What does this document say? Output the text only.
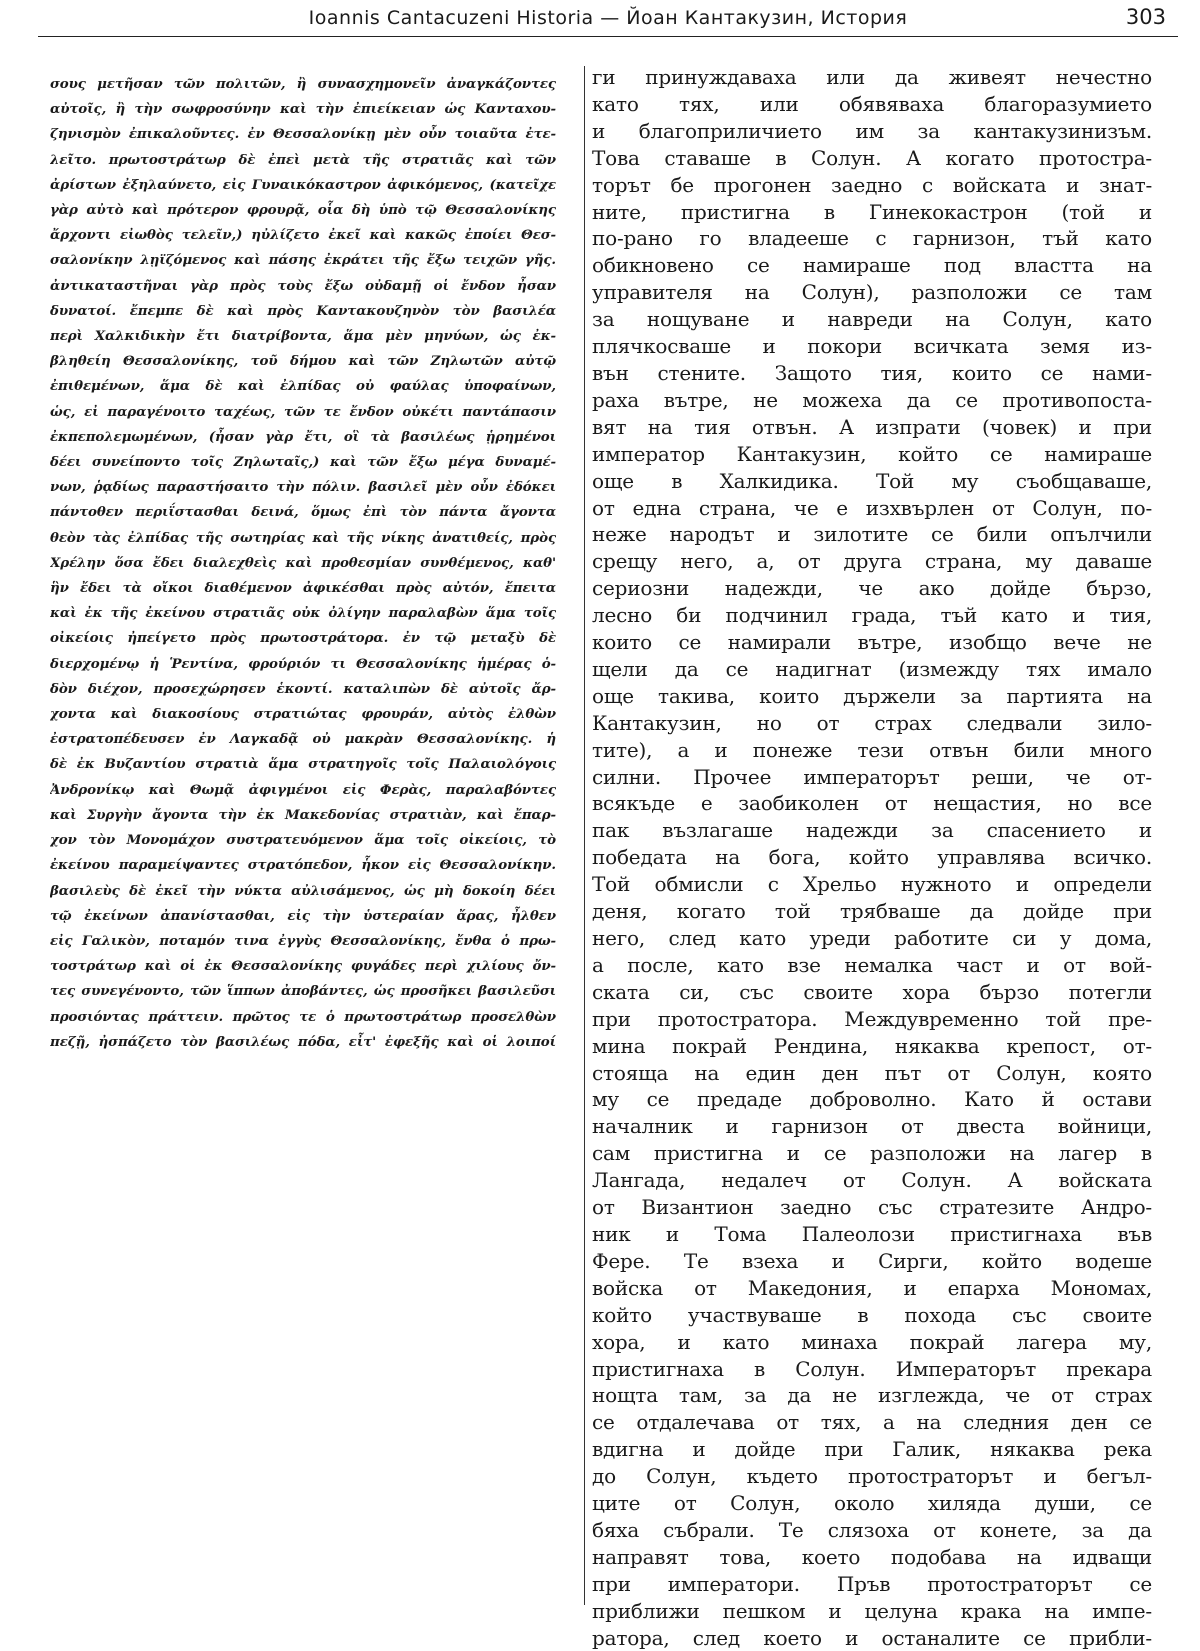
Ioannis Cantacuzeni Historia — Йоан Кантакузин, История	303
σους μετῆσαν τῶν πολιτῶν, ἢ συνασχημονεῖν ἀναγκάζοντες
αὐτοῖς, ἢ τὴν σωφροσύνην καὶ τὴν ἐπιείκειαν ὡς Κανταxου-
ζηνισμὸν ἐπικαλοῦντες. ἐν Θεσσαλονίκῃ μὲν οὖν τοιαῦτα ἐτε-
λεῖτο. πρωτοστράτωρ δὲ ἐπεὶ μετὰ τῆς στρατιᾶς καὶ τῶν
ἀρίστων ἐξηλαύνετο, εἰς Γυναικόκαστρον ἀφικόμενος, (κατεῖχε
γὰρ αὐτὸ καὶ πρότερον φρουρᾷ, οἷα δὴ ὑπὸ τῷ Θεσσαλονίκης
ἄρχοντι εἰωθὸς τελεῖν,) ηὐλίζετο ἐκεῖ καὶ κακῶς ἐποίει Θεσ-
σαλονίκην λῃϊζόμενος καὶ πάσης ἐκράτει τῆς ἔξω τειχῶν γῆς.
ἀντικαταστῆναι γὰρ πρὸς τοὺς ἔξω οὐδαμῇ οἱ ἔνδον ἦσαν
δυνατοί. ἔπεμπε δὲ καὶ πρὸς Καντακουζηνὸν τὸν βασιλέα
περὶ Χαλκιδικὴν ἔτι διατρίβοντα, ἅμα μὲν μηνύων, ὡς ἐκ-
βληθείη Θεσσαλονίκης, τοῦ δήμου καὶ τῶν Ζηλωτῶν αὐτῷ
ἐπιθεμένων, ἅμα δὲ καὶ ἐλπίδας οὐ φαύλας ὑποφαίνων,
ὡς, εἰ παραγένοιτο ταχέως, τῶν τε ἔνδον οὐκέτι παντάπασιν
ἐκπεπολεμωμένων, (ἦσαν γὰρ ἔτι, οἳ τὰ βασιλέως ᾑρημένοι
δέει συνείποντο τοῖς Ζηλωταῖς,) καὶ τῶν ἔξω μέγα δυναμέ-
νων, ῥᾳδίως παραστήσαιτο τὴν πόλιν. βασιλεῖ μὲν οὖν ἐδόκει
πάντοθεν περιΐστασθαι δεινά, ὅμως ἐπὶ τὸν πάντα ἄγοντα
θεὸν τὰς ἐλπίδας τῆς σωτηρίας καὶ τῆς νίκης ἀνατιθείς, πρὸς
Χρέλην ὅσα ἔδει διαλεχθεὶς καὶ προθεσμίαν συνθέμενος, καθ'
ἣν ἔδει τὰ οἴκοι διαθέμενον ἀφικέσθαι πρὸς αὐτόν, ἔπειτα
καὶ ἐκ τῆς ἐκείνου στρατιᾶς οὐκ ὀλίγην παραλαβὼν ἅμα τοῖς
οἰκείοις ἠπείγετο πρὸς πρωτοστράτορα. ἐν τῷ μεταξὺ δὲ
διερχομένῳ ἡ Ῥεντίνα, φρούριόν τι Θεσσαλονίκης ἡμέρας ὁ-
δὸν διέχον, προσεχώρησεν ἑκοντί. καταλιπὼν δὲ αὐτοῖς ἄρ-
χοντα καὶ διακοσίους στρατιώτας φρουράν, αὐτὸς ἐλθὼν
ἐστρατοπέδευσεν ἐν Λαγκαδᾷ οὐ μακρὰν Θεσσαλονίκης. ἡ
δὲ ἐκ Βυζαντίου στρατιὰ ἅμα στρατηγοῖς τοῖς Παλαιολόγοις
Ἀνδρονίκῳ καὶ Θωμᾷ ἀφιγμένοι εἰς Φερὰς, παραλαβόντες
καὶ Συργὴν ἄγοντα τὴν ἐκ Μακεδονίας στρατιὰν, καὶ ἔπαρ-
χον τὸν Μονομάχον συστρατευόμενον ἅμα τοῖς οἰκείοις, τὸ
ἐκείνου παραμείψαντες στρατόπεδον, ἧκον εἰς Θεσσαλονίκην.
βασιλεὺς δὲ ἐκεῖ τὴν νύκτα αὐλισάμενος, ὡς μὴ δοκοίη δέει
τῷ ἐκείνων ἀπανίστασθαι, εἰς τὴν ὑστεραίαν ἄρας, ἦλθεν
εἰς Γαλικὸν, ποταμόν τινα ἐγγὺς Θεσσαλονίκης, ἔνθα ὁ πρω-
τοστράτωρ καὶ οἱ ἐκ Θεσσαλονίκης φυγάδες περὶ χιλίους ὄν-
τες συνεγένοντο, τῶν ἵππων ἀποβάντες, ὡς προσῆκει βασιλεῦσι
προσιόντας πράττειν. πρῶτος τε ὁ πρωτοστράτωρ προσελθὼν
πεζῇ, ἠσπάζετο τὸν βασιλέως πόδα, εἶτ' ἐφεξῆς καὶ οἱ λοιποί
ги принуждаваха или да живеят нечестно
като тях, или обявяваха благоразумието
и благоприличието им за кантакузинизъм.
Това ставаше в Солун. А когато протостра-
торът бе прогонен заедно с войската и знат-
ните, пристигна в Гинекокастрон (той и
по-рано го владееше с гарнизон, тъй като
обикновено се намираше под властта на
управителя на Солун), разположи се там
за нощуване и навреди на Солун, като
плячкосваше и покори всичката земя из-
вън стените. Защото тия, които се нами-
раха вътре, не можеха да се противопоста-
вят на тия отвън. А изпрати (човек) и при
император Кантакузин, който се намираше
още в Халкидика. Той му съобщаваше,
от една страна, че е изхвърлен от Солун, по-
неже народът и зилотите се били опълчили
срещу него, а, от друга страна, му даваше
сериозни надежди, че ако дойде бързо,
лесно би подчинил града, тъй като и тия,
които се намирали вътре, изобщо вече не
щели да се надигнат (измежду тях имало
още такива, които държели за партията на
Кантакузин, но от страх следвали зило-
тите), а и понеже тези отвън били много
силни. Прочее императорът реши, че от-
всякъде е заобиколен от нещастия, но все
пак възлагаше надежди за спасението и
победата на бога, който управлява всичко.
Той обмисли с Хрельо нужното и определи
деня, когато той трябваше да дойде при
него, след като уреди работите си у дома,
а после, като взе немалка част и от вой-
ската си, със своите хора бързо потегли
при протостратора. Междувременно той пре-
мина покрай Рендина, някаква крепост, от-
стояща на един ден път от Солун, която
му се предаде доброволно. Като й остави
началник и гарнизон от двеста войници,
сам пристигна и се разположи на лагер в
Лангада, недалеч от Солун. А войската
от Византион заедно със стратезите Андро-
ник и Тома Палеолози пристигнаха във
Фере. Те взеха и Сирги, който водеше
войска от Македония, и епарха Мономах,
който участвуваше в похода със своите
хора, и като минаха покрай лагера му,
пристигнаха в Солун. Императорът прекара
нощта там, за да не изглежда, че от страх
се отдалечава от тях, а на следния ден се
вдигна и дойде при Галик, някаква река
до Солун, където протостраторът и бегъл-
ците от Солун, около хиляда души, се
бяха събрали. Те слязоха от конете, за да
направят това, което подобава на идващи
при императори. Пръв протостраторът се
приближи пешком и целуна крака на импе-
ратора, след което и останалите се прибли-
